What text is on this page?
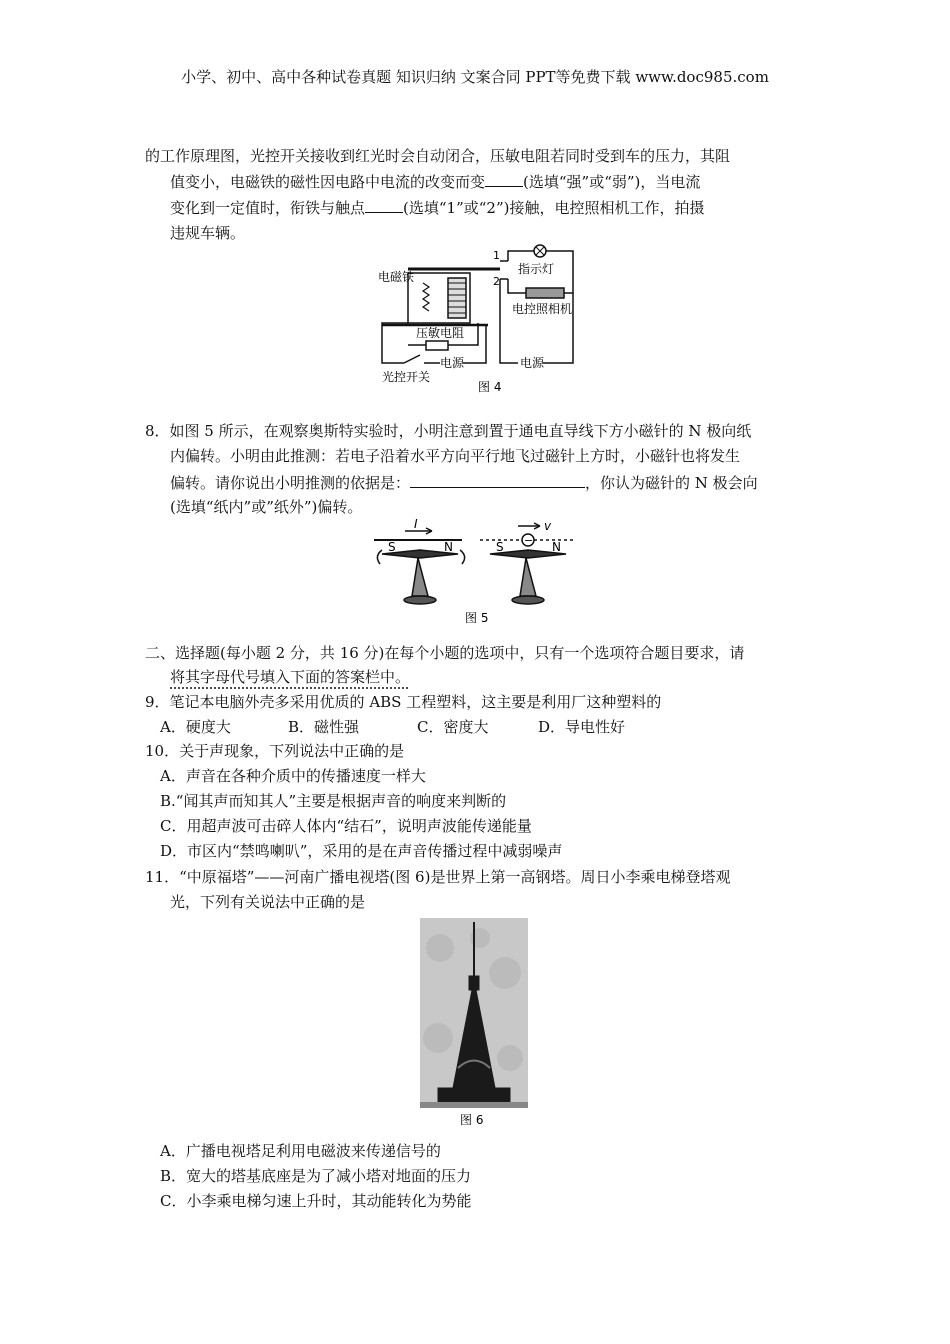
小学、初中、高中各种试卷真题 知识归纳 文案合同 PPT等免费下载 www.doc985.com
的工作原理图，光控开关接收到红光时会自动闭合，压敏电阻若同时受到车的压力，其阻
值变小，电磁铁的磁性因电路中电流的改变而变	(选填“强”或“弱”)，当电流
变化到一定值时，衔铁与触点	(选填“1”或“2”)接触，电控照相机工作，拍摄
违规车辆。
电磁铁
指示灯
电控照相机
压敏电阻
电源	电源
光控开关
1
2
图 4
8．如图 5 所示，在观察奥斯特实验时，小明注意到置于通电直导线下方小磁针的 N 极向纸
内偏转。小明由此推测：若电子沿着水平方向平行地飞过磁针上方时，小磁针也将发生
偏转。请你说出小明推测的依据是：	，你认为磁针的 N 极会向
(选填“纸内”或”纸外”)偏转。
I	v
−
S	N	S	N
图 5
二、选择题(每小题 2 分，共 16 分)在每个小题的选项中，只有一个选项符合题目要求，请
将其字母代号填入下面的答案栏中。
9．笔记本电脑外壳多采用优质的 ABS 工程塑料，这主要是利用厂这种塑料的
A．硬度大	B．磁性强	C．密度大	D．导电性好
10．关于声现象，下列说法中正确的是
A．声音在各种介质中的传播速度一样大
B.“闻其声而知其人”主要是根据声音的响度来判断的
C．用超声波可击碎人体内“结石”，说明声波能传递能量
D．市区内“禁鸣喇叭”，采用的是在声音传播过程中减弱噪声
11．“中原福塔”——河南广播电视塔(图 6)是世界上第一高钢塔。周日小李乘电梯登塔观
光，下列有关说法中正确的是
图 6
A．广播电视塔足利用电磁波来传递信号的
B．宽大的塔基底座是为了减小塔对地面的压力
C．小李乘电梯匀速上升时，其动能转化为势能
